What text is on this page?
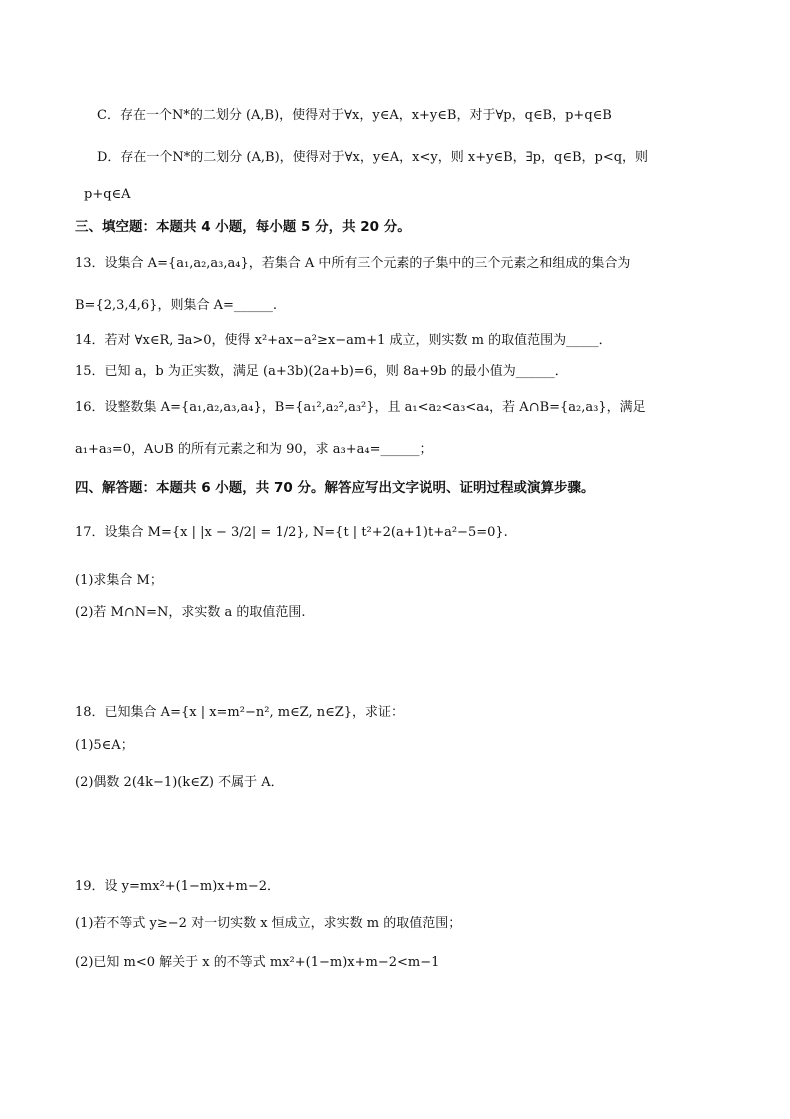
C．存在一个N*的二划分 (A,B)，使得对于∀x，y∈A，x+y∈B，对于∀p，q∈B，p+q∈B
D．存在一个N*的二划分 (A,B)，使得对于∀x，y∈A，x<y，则 x+y∈B，∃p，q∈B，p<q，则
p+q∈A
三、填空题：本题共 4 小题，每小题 5 分，共 20 分。
13．设集合 A={a₁,a₂,a₃,a₄}，若集合 A 中所有三个元素的子集中的三个元素之和组成的集合为
B={2,3,4,6}，则集合 A=______.
14．若对 ∀x∈R, ∃a>0，使得 x²+ax−a²≥x−am+1 成立，则实数 m 的取值范围为_____．
15．已知 a，b 为正实数，满足 (a+3b)(2a+b)=6，则 8a+9b 的最小值为______．
16．设整数集 A={a₁,a₂,a₃,a₄}，B={a₁²,a₂²,a₃²}，且 a₁<a₂<a₃<a₄，若 A∩B={a₂,a₃}，满足
a₁+a₃=0，A∪B 的所有元素之和为 90，求 a₃+a₄=______；
四、解答题：本题共 6 小题，共 70 分。解答应写出文字说明、证明过程或演算步骤。
17．设集合 M={x | |x − 3/2| = 1/2}, N={t | t²+2(a+1)t+a²−5=0}.
(1)求集合 M；
(2)若 M∩N=N，求实数 a 的取值范围.
18．已知集合 A={x | x=m²−n², m∈Z, n∈Z}，求证：
(1)5∈A；
(2)偶数 2(4k−1)(k∈Z) 不属于 A．
19．设 y=mx²+(1−m)x+m−2．
(1)若不等式 y≥−2 对一切实数 x 恒成立，求实数 m 的取值范围；
(2)已知 m<0 解关于 x 的不等式 mx²+(1−m)x+m−2<m−1
